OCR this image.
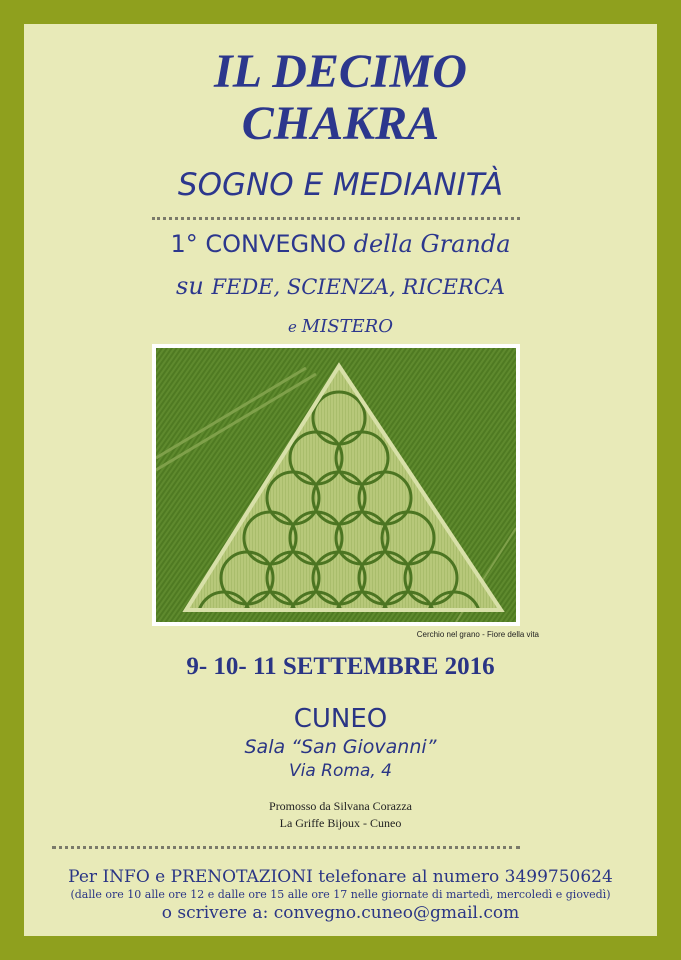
IL DECIMO
CHAKRA
SOGNO E MEDIANITÀ
1° CONVEGNO della Granda
su FEDE, SCIENZA, RICERCA
e MISTERO
Cerchio nel grano - Fiore della vita
9- 10- 11 SETTEMBRE 2016
CUNEO
Sala “San Giovanni”
Via Roma, 4
Promosso da Silvana Corazza
La Griffe Bijoux - Cuneo
Per INFO e PRENOTAZIONI telefonare al numero 3499750624
(dalle ore 10 alle ore 12 e dalle ore 15 alle ore 17 nelle giornate di martedì, mercoledì e giovedì)
o scrivere a: convegno.cuneo@gmail.com
